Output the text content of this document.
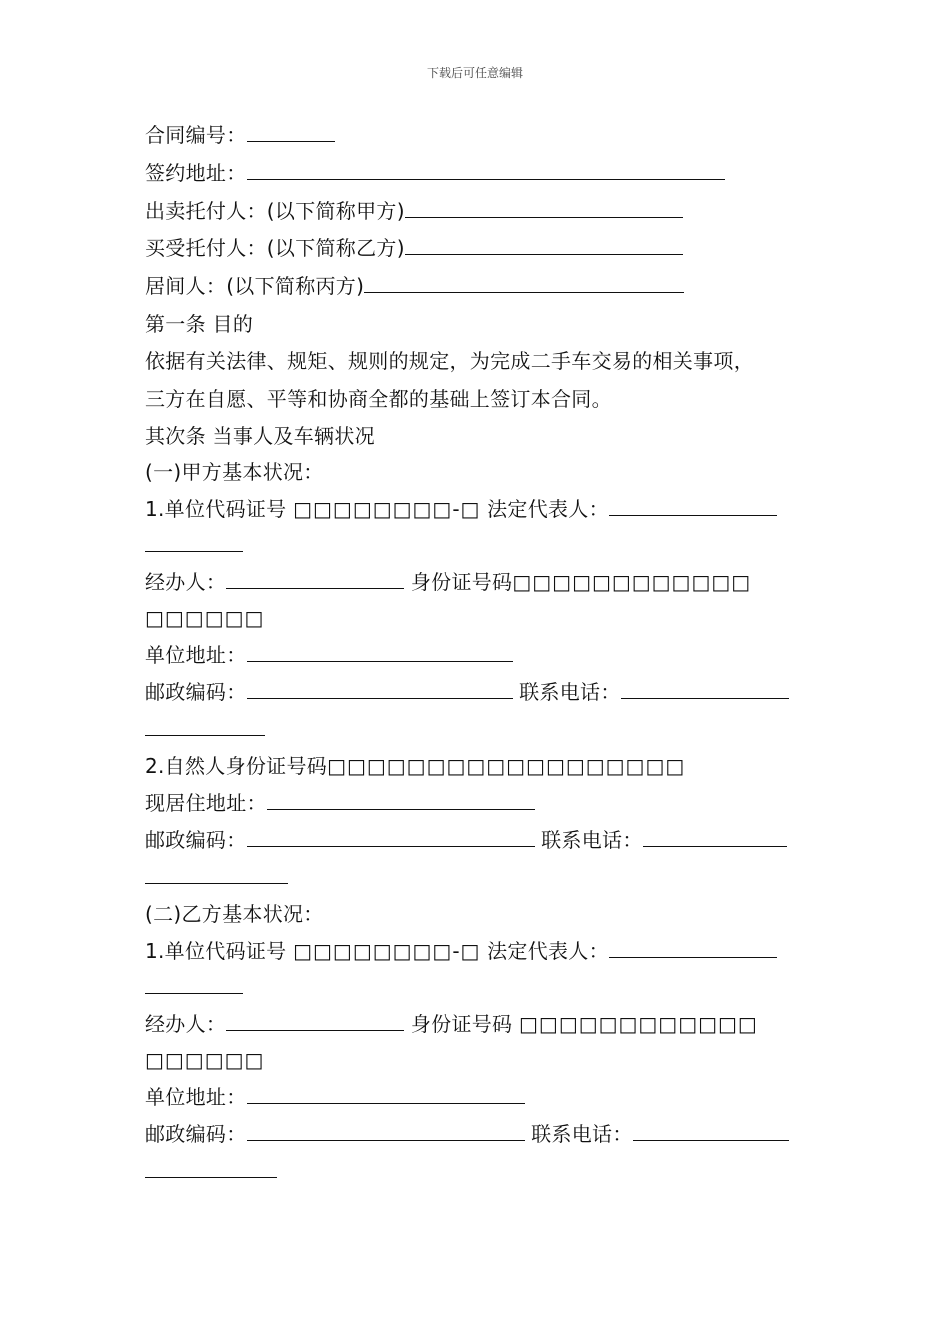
下载后可任意编辑
合同编号：
签约地址：
出卖托付人：(以下简称甲方)
买受托付人：(以下简称乙方)
居间人：(以下简称丙方)
第一条 目的
依据有关法律、规矩、规则的规定，为完成二手车交易的相关事项，
三方在自愿、平等和协商全都的基础上签订本合同。
其次条 当事人及车辆状况
(一)甲方基本状况：
1.单位代码证号 □□□□□□□□-□ 法定代表人：
经办人：	身份证号码□□□□□□□□□□□□
□□□□□□
单位地址：
邮政编码：	联系电话：
2.自然人身份证号码□□□□□□□□□□□□□□□□□□
现居住地址：
邮政编码：	联系电话：
(二)乙方基本状况：
1.单位代码证号 □□□□□□□□-□ 法定代表人：
经办人：	身份证号码 □□□□□□□□□□□□
□□□□□□
单位地址：
邮政编码：	联系电话：
